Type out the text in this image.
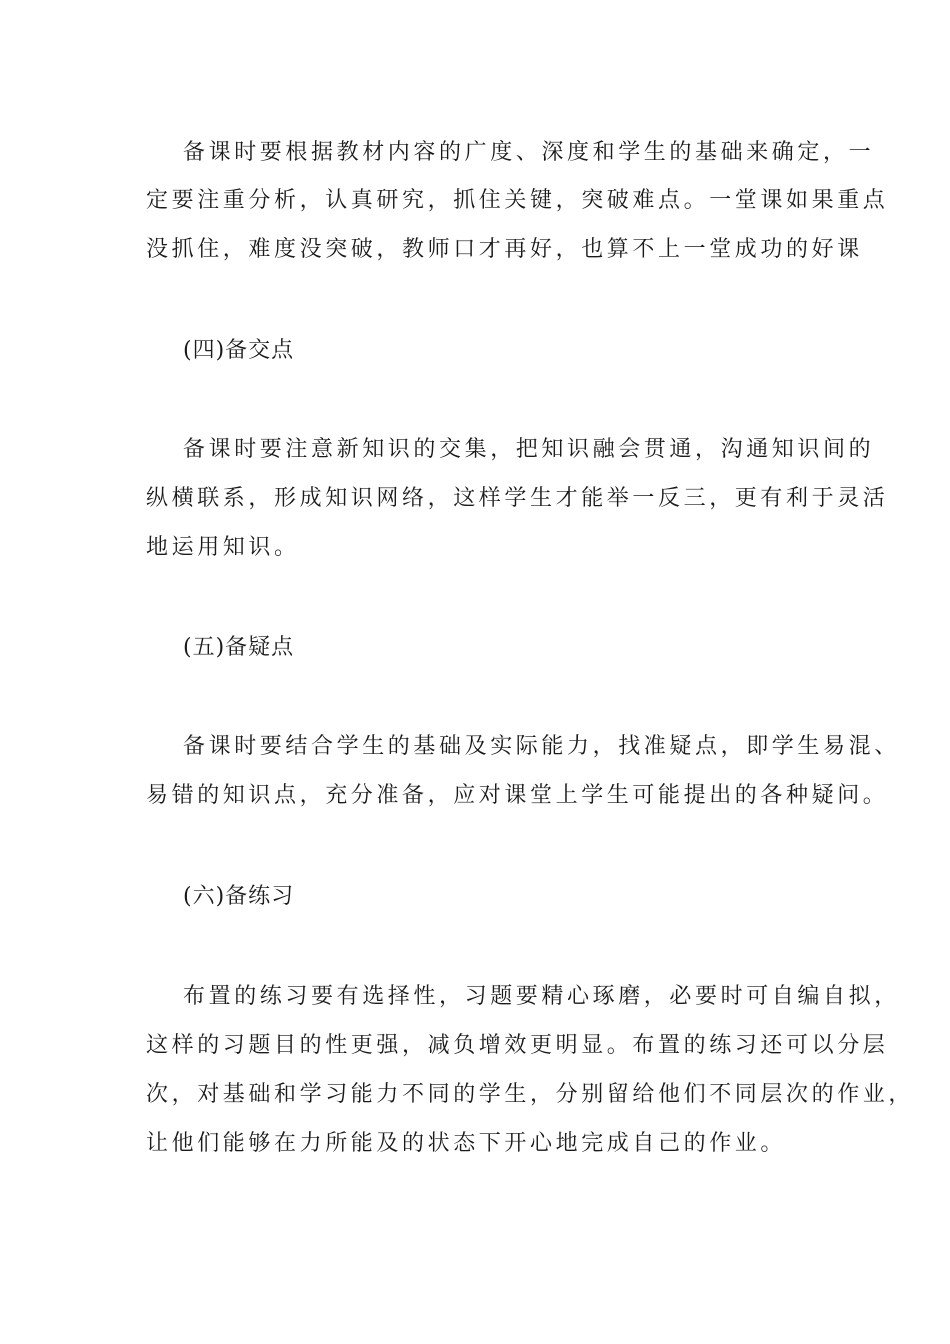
备课时要根据教材内容的广度、深度和学生的基础来确定，一
定要注重分析，认真研究，抓住关键，突破难点。一堂课如果重点
没抓住，难度没突破，教师口才再好，也算不上一堂成功的好课
(四)备交点
备课时要注意新知识的交集，把知识融会贯通，沟通知识间的
纵横联系，形成知识网络，这样学生才能举一反三，更有利于灵活
地运用知识。
(五)备疑点
备课时要结合学生的基础及实际能力，找准疑点，即学生易混、
易错的知识点，充分准备，应对课堂上学生可能提出的各种疑问。
(六)备练习
布置的练习要有选择性，习题要精心琢磨，必要时可自编自拟，
这样的习题目的性更强，减负增效更明显。布置的练习还可以分层
次，对基础和学习能力不同的学生，分别留给他们不同层次的作业，
让他们能够在力所能及的状态下开心地完成自己的作业。
